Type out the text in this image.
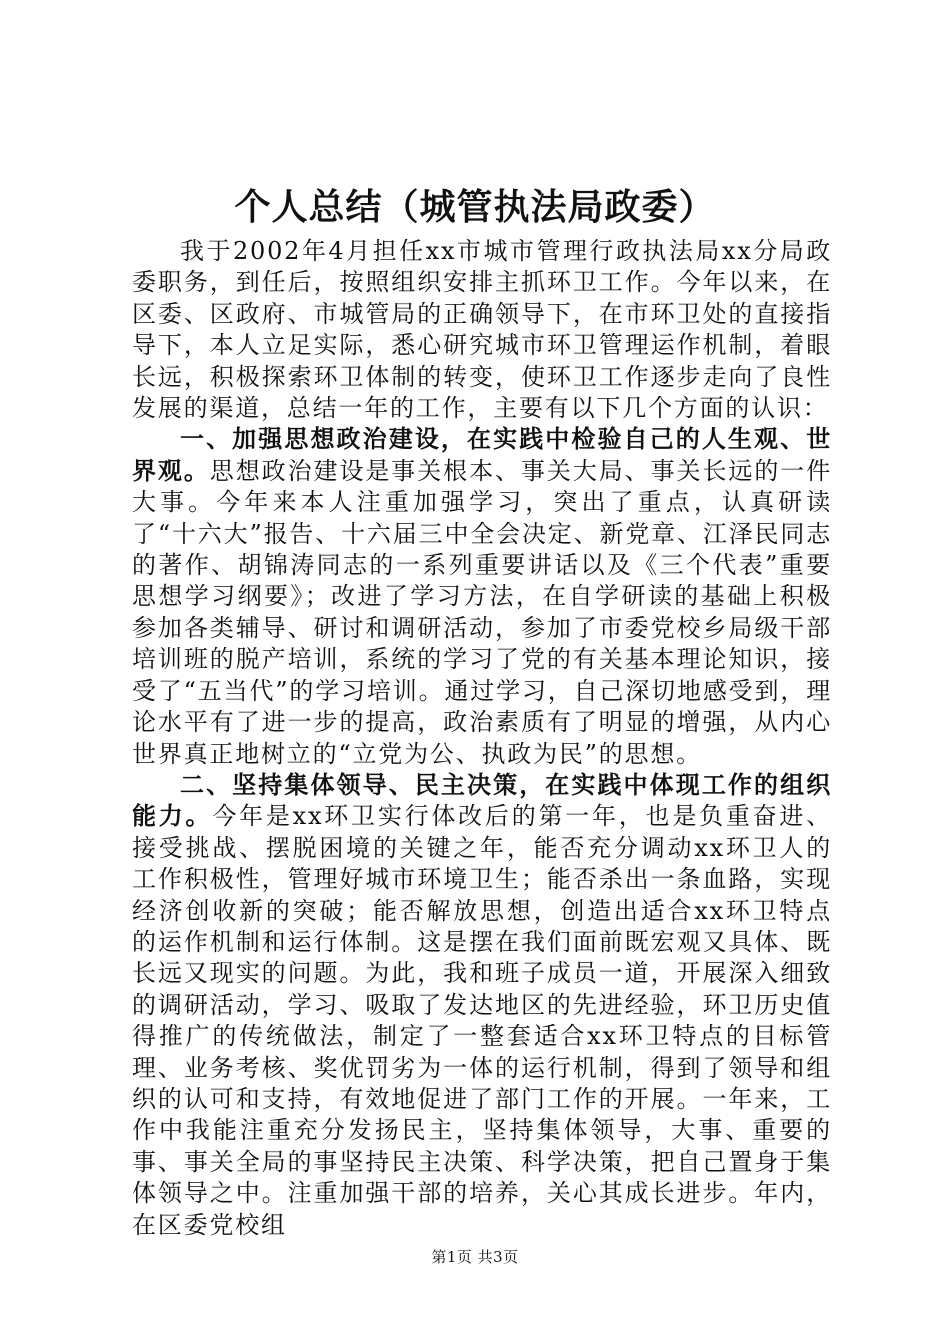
个人总结（城管执法局政委）

我于2002年4月担任xx市城市管理行政执法局xx分局政委职务，到任后，按照组织安排主抓环卫工作。今年以来，在区委、区政府、市城管局的正确领导下，在市环卫处的直接指导下，本人立足实际，悉心研究城市环卫管理运作机制，着眼长远，积极探索环卫体制的转变，使环卫工作逐步走向了良性发展的渠道，总结一年的工作，主要有以下几个方面的认识：

一、加强思想政治建设，在实践中检验自己的人生观、世界观。思想政治建设是事关根本、事关大局、事关长远的一件大事。今年来本人注重加强学习，突出了重点，认真研读了“十六大”报告、十六届三中全会决定、新党章、江泽民同志的著作、胡锦涛同志的一系列重要讲话以及《三个代表”重要思想学习纲要》；改进了学习方法，在自学研读的基础上积极参加各类辅导、研讨和调研活动，参加了市委党校乡局级干部培训班的脱产培训，系统的学习了党的有关基本理论知识，接受了“五当代”的学习培训。通过学习，自己深切地感受到，理论水平有了进一步的提高，政治素质有了明显的增强，从内心世界真正地树立的“立党为公、执政为民”的思想。

二、坚持集体领导、民主决策，在实践中体现工作的组织能力。今年是xx环卫实行体改后的第一年，也是负重奋进、接受挑战、摆脱困境的关键之年，能否充分调动xx环卫人的工作积极性，管理好城市环境卫生；能否杀出一条血路，实现经济创收新的突破；能否解放思想，创造出适合xx环卫特点的运作机制和运行体制。这是摆在我们面前既宏观又具体、既长远又现实的问题。为此，我和班子成员一道，开展深入细致的调研活动，学习、吸取了发达地区的先进经验，环卫历史值得推广的传统做法，制定了一整套适合xx环卫特点的目标管理、业务考核、奖优罚劣为一体的运行机制，得到了领导和组织的认可和支持，有效地促进了部门工作的开展。一年来，工作中我能注重充分发扬民主，坚持集体领导，大事、重要的事、事关全局的事坚持民主决策、科学决策，把自己置身于集体领导之中。注重加强干部的培养，关心其成长进步。年内，在区委党校组

第1页 共3页
